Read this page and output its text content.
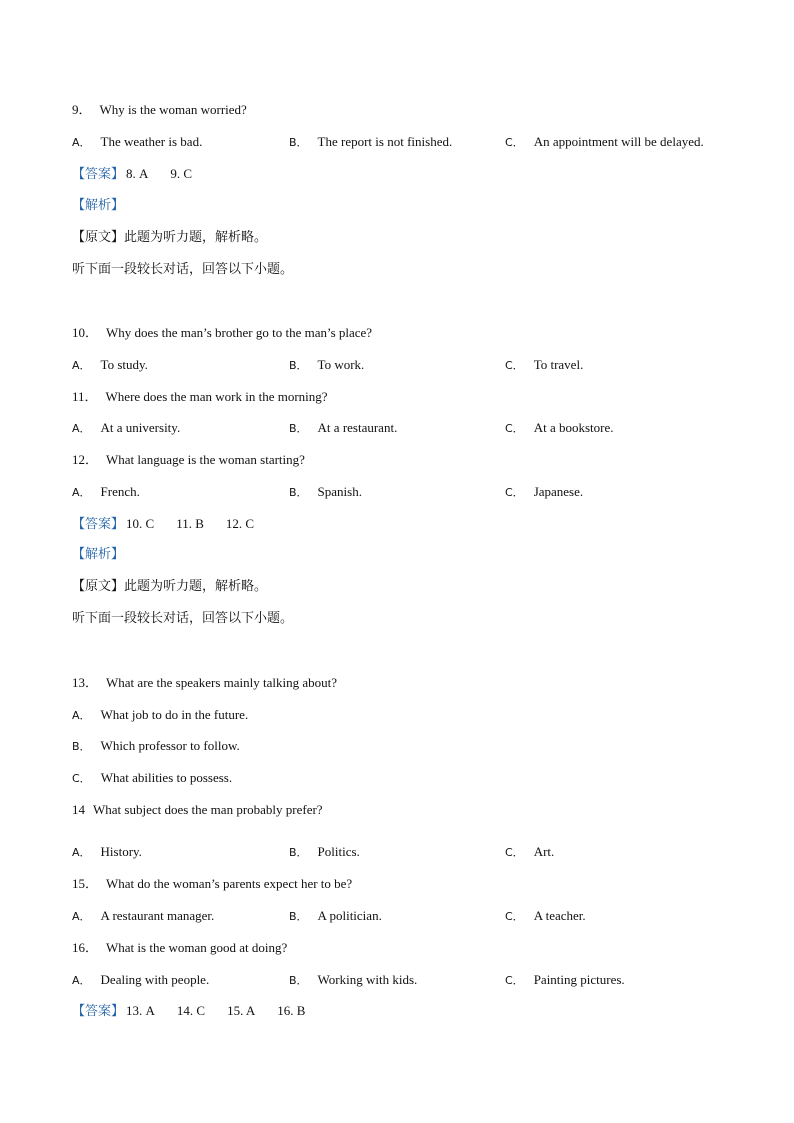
9． Why is the woman worried?
A． The weather is bad.	B． The report is not finished.	C． An appointment will be delayed.
【答案】 8. A 9. C
【解析】
【原文】此题为听力题，解析略。
听下面一段较长对话，回答以下小题。
10． Why does the man’s brother go to the man’s place?
A． To study.	B． To work.	C． To travel.
11． Where does the man work in the morning?
A． At a university.	B． At a restaurant.	C． At a bookstore.
12． What language is the woman starting?
A． French.	B． Spanish.	C． Japanese.
【答案】 10. C 11. B 12. C
【解析】
【原文】此题为听力题，解析略。
听下面一段较长对话，回答以下小题。
13． What are the speakers mainly talking about?
A． What job to do in the future.
B． Which professor to follow.
C． What abilities to possess.
14 What subject does the man probably prefer?
A． History.	B． Politics.	C． Art.
15． What do the woman’s parents expect her to be?
A． A restaurant manager.	B． A politician.	C． A teacher.
16． What is the woman good at doing?
A． Dealing with people.	B． Working with kids.	C． Painting pictures.
【答案】 13. A 14. C 15. A 16. B
